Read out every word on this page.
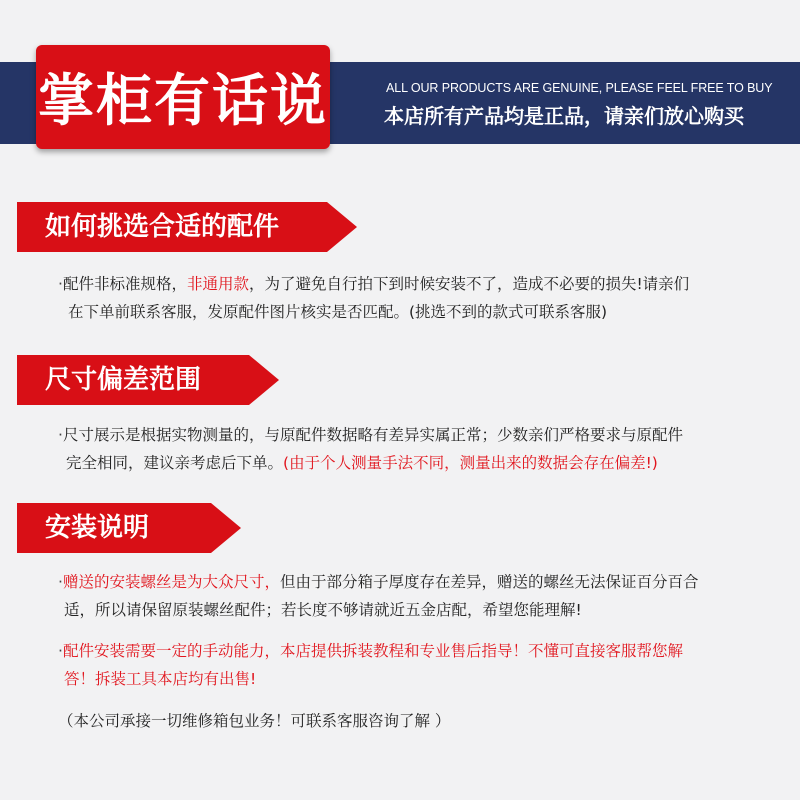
掌柜有话说	ALL OUR PRODUCTS ARE GENUINE, PLEASE FEEL FREE TO BUY
本店所有产品均是正品，请亲们放心购买
如何挑选合适的配件
·配件非标准规格，非通用款，为了避免自行拍下到时候安装不了，造成不必要的损失!请亲们
在下单前联系客服，发原配件图片核实是否匹配。(挑选不到的款式可联系客服)
尺寸偏差范围
·尺寸展示是根据实物测量的，与原配件数据略有差异实属正常；少数亲们严格要求与原配件
完全相同，建议亲考虑后下单。(由于个人测量手法不同，测量出来的数据会存在偏差!)
安装说明
·赠送的安装螺丝是为大众尺寸，但由于部分箱子厚度存在差异，赠送的螺丝无法保证百分百合
适，所以请保留原装螺丝配件；若长度不够请就近五金店配，希望您能理解!
·配件安装需要一定的手动能力，本店提供拆装教程和专业售后指导！不懂可直接客服帮您解
答！拆装工具本店均有出售!
（本公司承接一切维修箱包业务！可联系客服咨询了解 ）
